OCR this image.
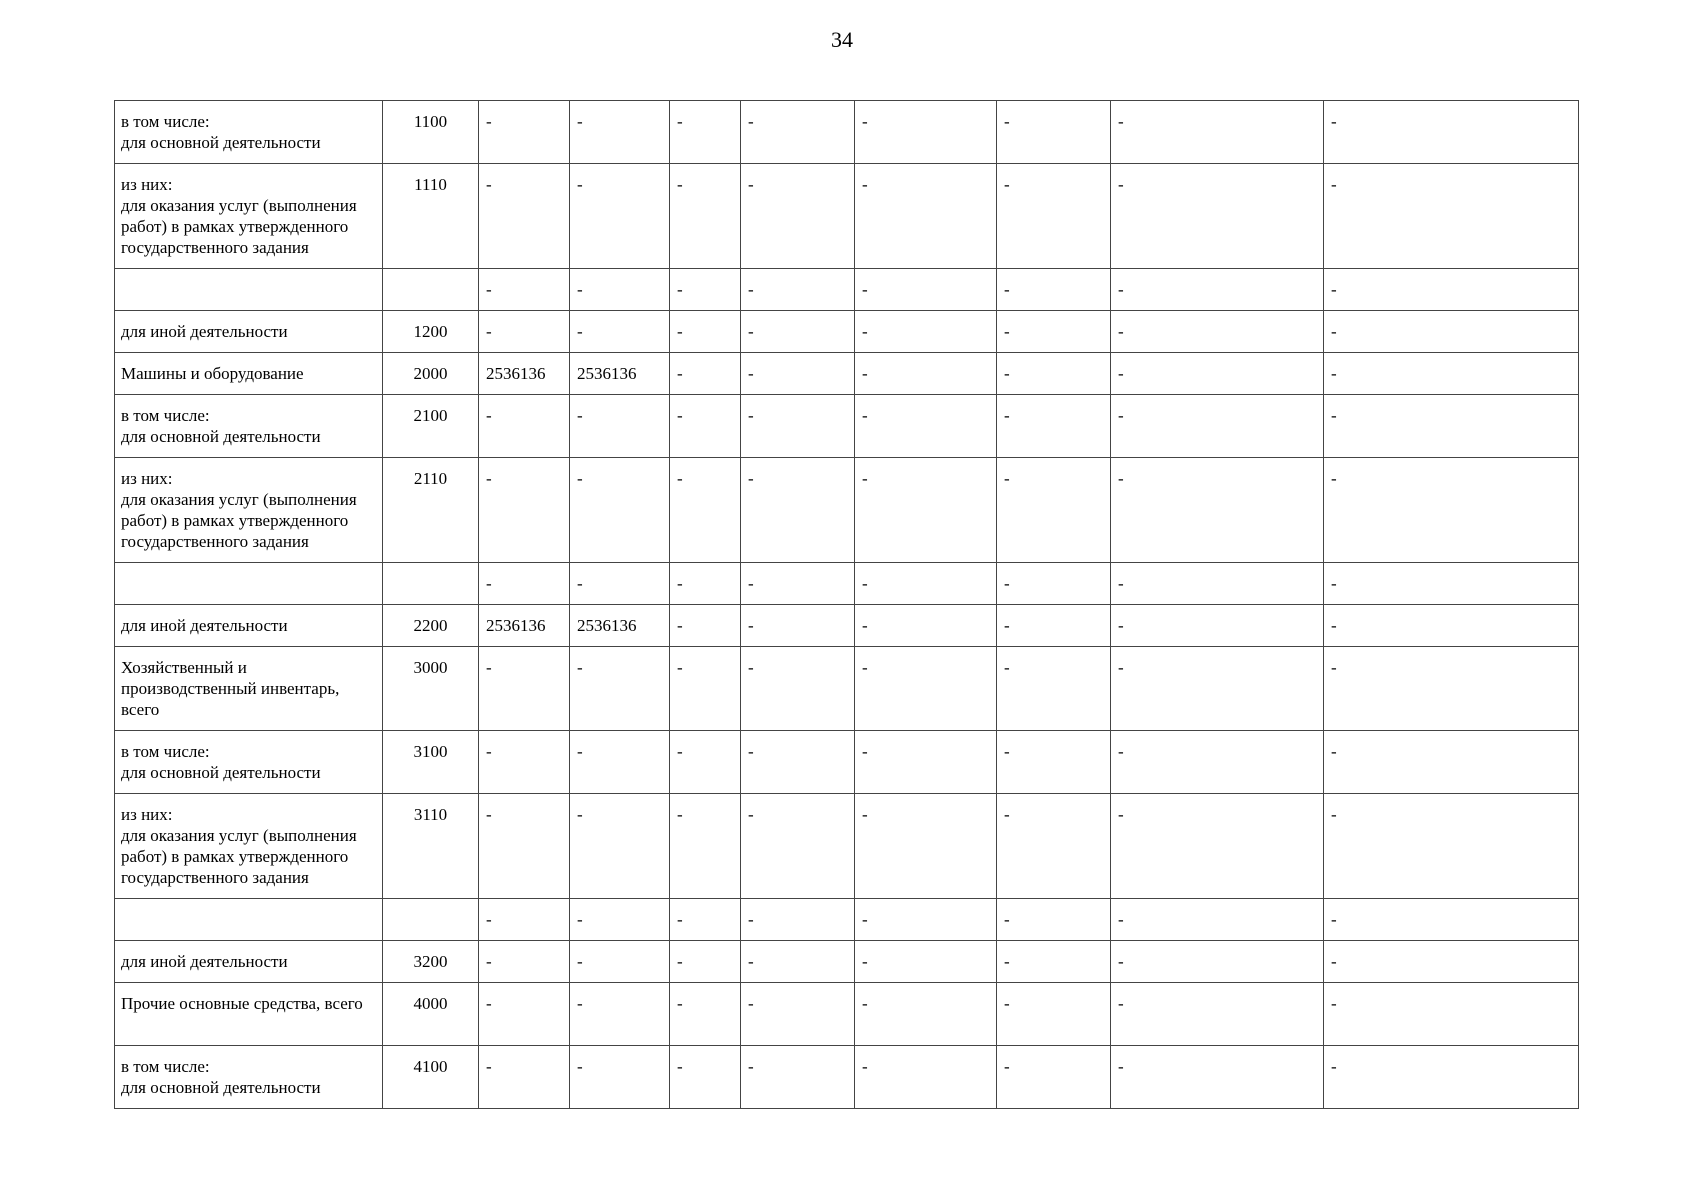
34
в том числе:
для основной деятельности	1100	-	-	-	-	-	-	-	-
из них:
для оказания услуг (выполнения работ) в рамках утвержденного государственного задания	1110	-	-	-	-	-	-	-	-
		-	-	-	-	-	-	-	-
для иной деятельности	1200	-	-	-	-	-	-	-	-
Машины и оборудование	2000	2536136	2536136	-	-	-	-	-	-
в том числе:
для основной деятельности	2100	-	-	-	-	-	-	-	-
из них:
для оказания услуг (выполнения работ) в рамках утвержденного государственного задания	2110	-	-	-	-	-	-	-	-
		-	-	-	-	-	-	-	-
для иной деятельности	2200	2536136	2536136	-	-	-	-	-	-
Хозяйственный и производственный инвентарь, всего	3000	-	-	-	-	-	-	-	-
в том числе:
для основной деятельности	3100	-	-	-	-	-	-	-	-
из них:
для оказания услуг (выполнения работ) в рамках утвержденного государственного задания	3110	-	-	-	-	-	-	-	-
		-	-	-	-	-	-	-	-
для иной деятельности	3200	-	-	-	-	-	-	-	-
Прочие основные средства, всего	4000	-	-	-	-	-	-	-	-
в том числе:
для основной деятельности	4100	-	-	-	-	-	-	-	-
